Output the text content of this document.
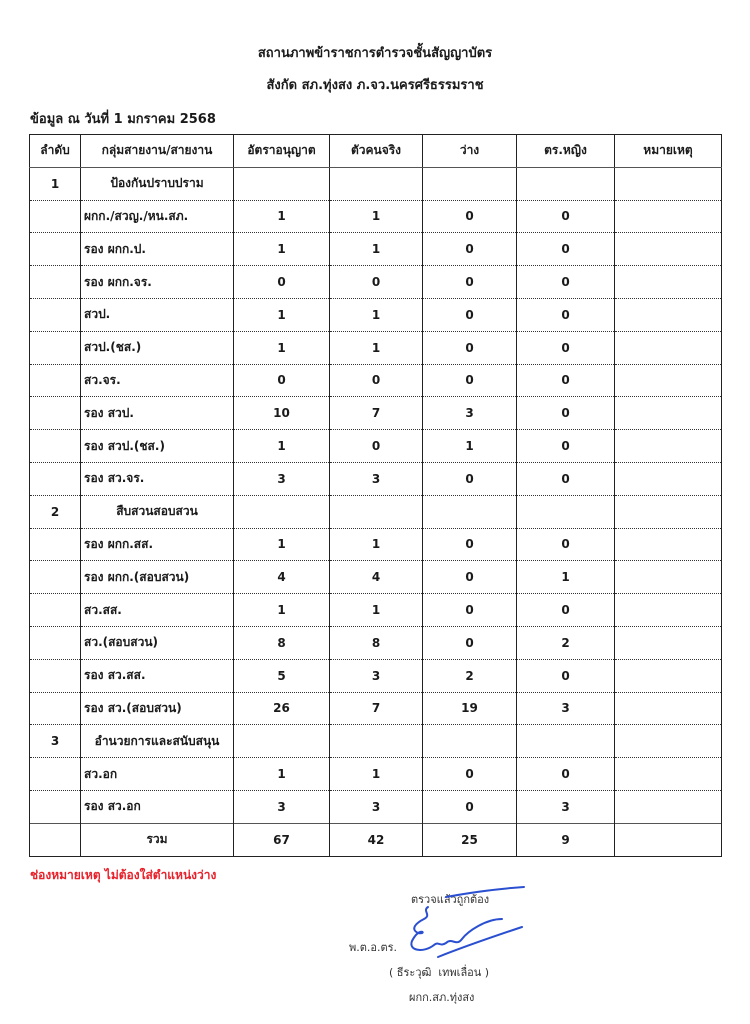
สถานภาพข้าราชการตำรวจชั้นสัญญาบัตร
สังกัด สภ.ทุ่งสง ภ.จว.นครศรีธรรมราช
ข้อมูล ณ วันที่ 1 มกราคม 2568
ลำดับ	กลุ่มสายงาน/สายงาน	อัตราอนุญาต	ตัวคนจริง	ว่าง	ตร.หญิง	หมายเหตุ
1	ป้องกันปราบปราม					
	ผกก./สวญ./หน.สภ.	1	1	0	0	
	รอง ผกก.ป.	1	1	0	0	
	รอง ผกก.จร.	0	0	0	0	
	สวป.	1	1	0	0	
	สวป.(ชส.)	1	1	0	0	
	สว.จร.	0	0	0	0	
	รอง สวป.	10	7	3	0	
	รอง สวป.(ชส.)	1	0	1	0	
	รอง สว.จร.	3	3	0	0	
2	สืบสวนสอบสวน					
	รอง ผกก.สส.	1	1	0	0	
	รอง ผกก.(สอบสวน)	4	4	0	1	
	สว.สส.	1	1	0	0	
	สว.(สอบสวน)	8	8	0	2	
	รอง สว.สส.	5	3	2	0	
	รอง สว.(สอบสวน)	26	7	19	3	
3	อำนวยการและสนับสนุน					
	สว.อก	1	1	0	0	
	รอง สว.อก	3	3	0	3	
	รวม	67	42	25	9	
ช่องหมายเหตุ ไม่ต้องใส่ตำแหน่งว่าง
ตรวจแล้วถูกต้อง
พ.ต.อ.ตร.
( ธีระวุฒิ  เทพเลื่อน )
ผกก.สภ.ทุ่งสง
